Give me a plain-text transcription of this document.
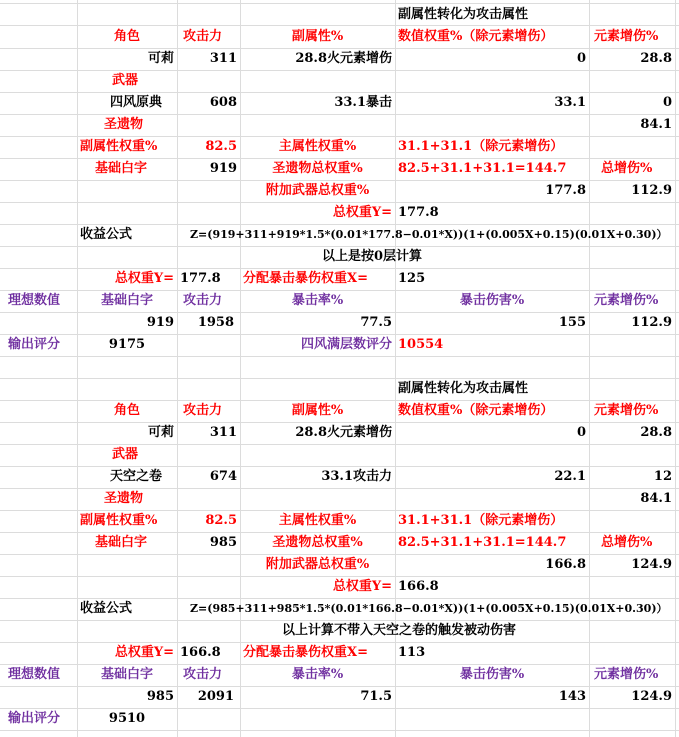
副属性转化为攻击属性
角色	攻击力	副属性%	数值权重%（除元素增伤）	元素增伤%
可莉	311	28.8火元素增伤	0	28.8
武器
四风原典	608	33.1暴击	33.1	0
圣遗物	84.1
副属性权重%	82.5	主属性权重%	31.1+31.1（除元素增伤）
基础白字	919	圣遗物总权重%	82.5+31.1+31.1=144.7	总增伤%
附加武器总权重%	177.8	112.9
总权重Y= 177.8
收益公式	Z=(919+311+919*1.5*(0.01*177.8−0.01*X))(1+(0.005X+0.15)(0.01X+0.30)）
以上是按0层计算
总权重Y= 177.8 分配暴击暴伤权重X= 125
理想数值	基础白字	攻击力	暴击率%	暴击伤害%	元素增伤%
919	1958	77.5	155	112.9
输出评分	9175	四风满层数评分 10554
副属性转化为攻击属性
角色	攻击力	副属性%	数值权重%（除元素增伤）	元素增伤%
可莉	311	28.8火元素增伤	0	28.8
武器
天空之卷	674	33.1攻击力	22.1	12
圣遗物	84.1
副属性权重%	82.5	主属性权重%	31.1+31.1（除元素增伤）
基础白字	985	圣遗物总权重%	82.5+31.1+31.1=144.7	总增伤%
附加武器总权重%	166.8	124.9
总权重Y= 166.8
收益公式	Z=(985+311+985*1.5*(0.01*166.8−0.01*X))(1+(0.005X+0.15)(0.01X+0.30)）
以上计算不带入天空之卷的触发被动伤害
总权重Y= 166.8 分配暴击暴伤权重X= 113
理想数值	基础白字	攻击力	暴击率%	暴击伤害%	元素增伤%
985	2091	71.5	143	124.9
输出评分	9510
